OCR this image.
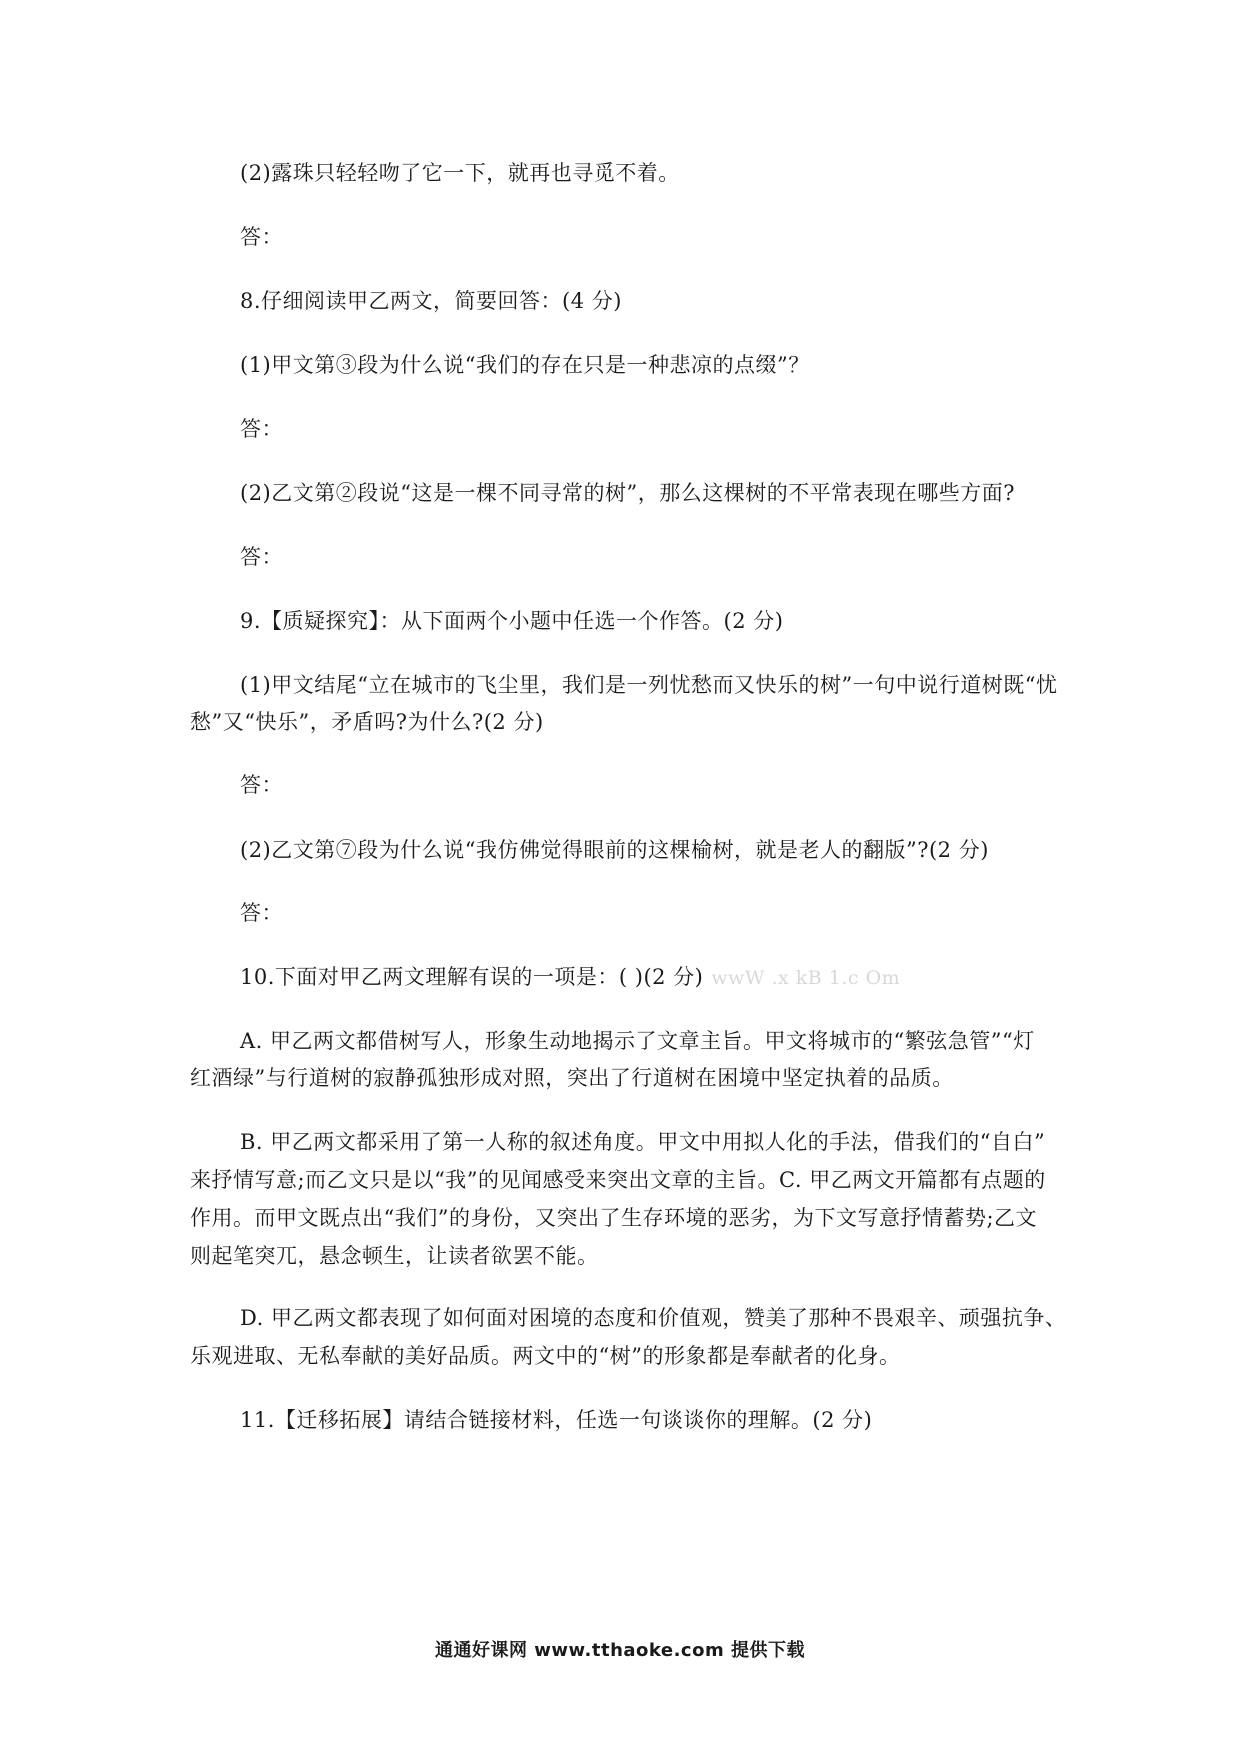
(2)露珠只轻轻吻了它一下，就再也寻觅不着。
答：
8.仔细阅读甲乙两文，简要回答：(4 分)
(1)甲文第③段为什么说“我们的存在只是一种悲凉的点缀”？
答：
(2)乙文第②段说“这是一棵不同寻常的树”，那么这棵树的不平常表现在哪些方面?
答：
9.【质疑探究】：从下面两个小题中任选一个作答。(2 分)
(1)甲文结尾“立在城市的飞尘里，我们是一列忧愁而又快乐的树”一句中说行道树既“忧
愁”又“快乐”，矛盾吗?为什么?(2 分)
答：
(2)乙文第⑦段为什么说“我仿佛觉得眼前的这棵榆树，就是老人的翻版”?(2 分)
答：
10.下面对甲乙两文理解有误的一项是：( )(2 分) wwW .x kB 1.c Om
A. 甲乙两文都借树写人，形象生动地揭示了文章主旨。甲文将城市的“繁弦急管”“灯
红酒绿”与行道树的寂静孤独形成对照，突出了行道树在困境中坚定执着的品质。
B. 甲乙两文都采用了第一人称的叙述角度。甲文中用拟人化的手法，借我们的“自白”
来抒情写意;而乙文只是以“我”的见闻感受来突出文章的主旨。C. 甲乙两文开篇都有点题的
作用。而甲文既点出“我们”的身份，又突出了生存环境的恶劣，为下文写意抒情蓄势;乙文
则起笔突兀，悬念顿生，让读者欲罢不能。
D. 甲乙两文都表现了如何面对困境的态度和价值观，赞美了那种不畏艰辛、顽强抗争、
乐观进取、无私奉献的美好品质。两文中的“树”的形象都是奉献者的化身。
11.【迁移拓展】请结合链接材料，任选一句谈谈你的理解。(2 分)
通通好课网 www.tthaoke.com 提供下载
